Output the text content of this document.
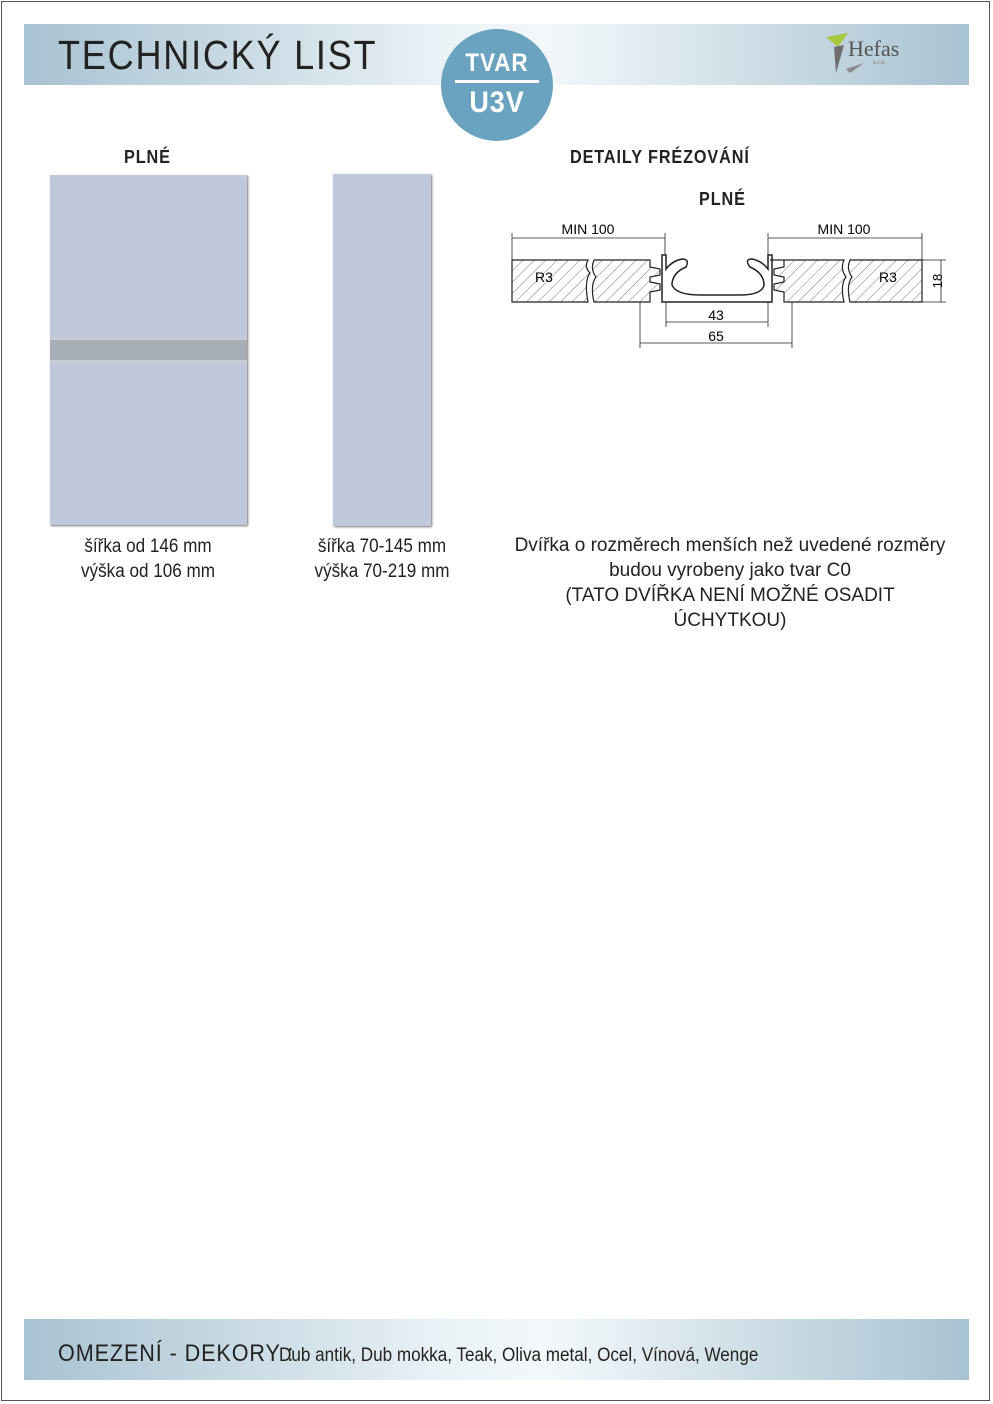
TECHNICKÝ LIST	TVAR
U3V
Hefas
s.r.o.
PLNÉ
šířka od 146 mm
výška od 106 mm
šířka 70-145 mm
výška 70-219 mm
DETAILY FRÉZOVÁNÍ
PLNÉ
MIN 100	MIN 100
R3	R3	18
43
65
Dvířka o rozměrech menších než uvedené rozměry
budou vyrobeny jako tvar C0
(TATO DVÍŘKA NENÍ MOŽNÉ OSADIT ÚCHYTKOU)
OMEZENÍ - DEKORY :
Dub antik, Dub mokka, Teak, Oliva metal, Ocel, Vínová, Wenge
